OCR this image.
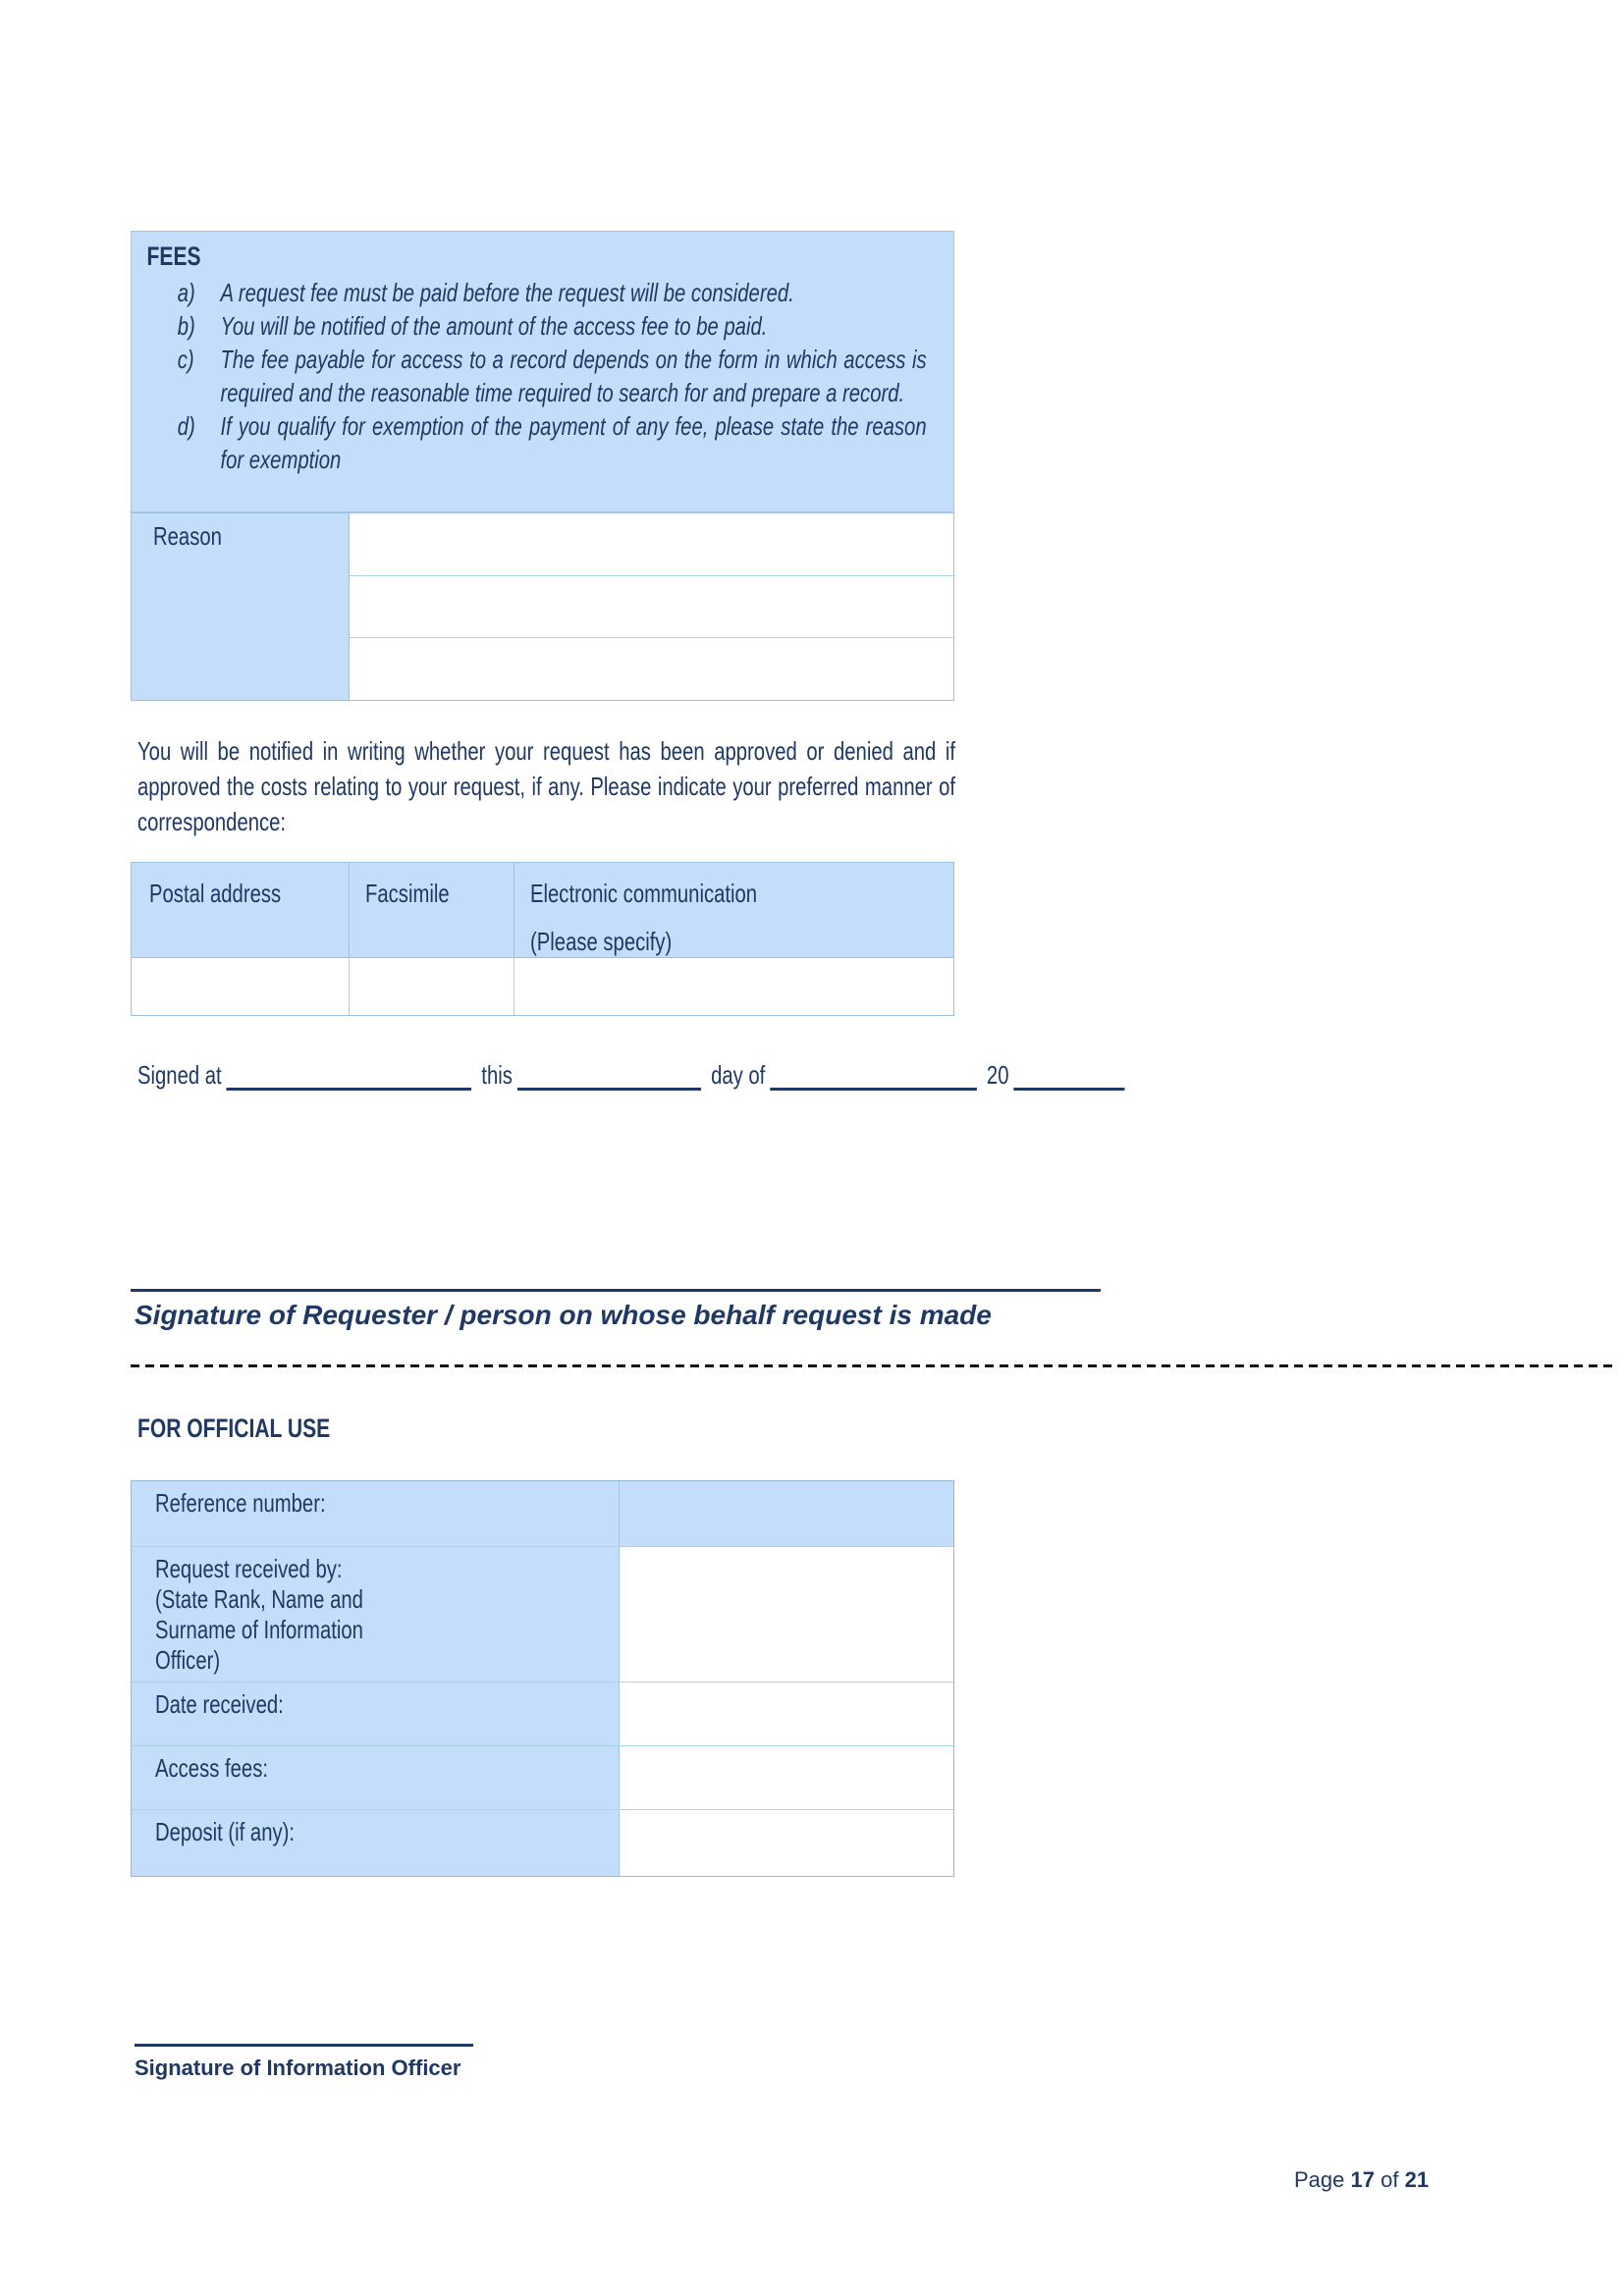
FEES
a) A request fee must be paid before the request will be considered.
b) You will be notified of the amount of the access fee to be paid.
c)	The fee payable for access to a record depends on the form in which access is required and the reasonable time required to search for and prepare a record.
d) If you qualify for exemption of the payment of any fee, please state the reason for exemption
Reason
You will be notified in writing whether your request has been approved or denied and if approved the costs relating to your request, if any. Please indicate your preferred manner of correspondence:
Postal address	Facsimile	Electronic communication
(Please specify)
Signed at	this	day of	20
Signature of Requester / person on whose behalf request is made
FOR OFFICIAL USE
Reference number:
Request received by:
(State Rank, Name and
Surname of Information
Officer)
Date received:
Access fees:
Deposit (if any):
Signature of Information Officer
Page 17 of 21
